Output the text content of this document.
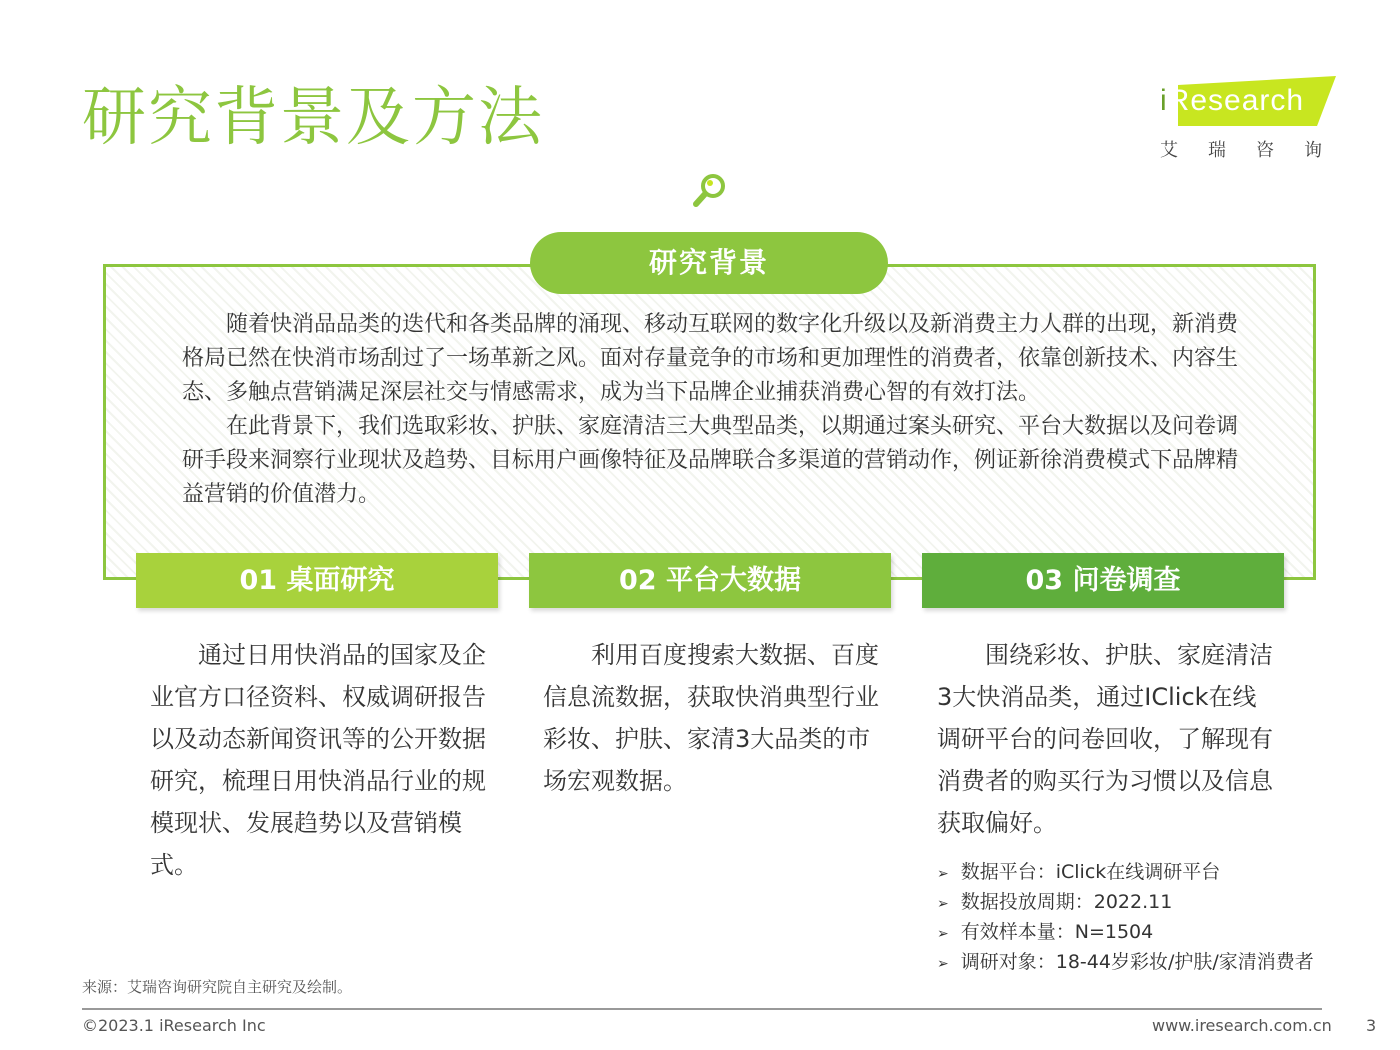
研究背景及方法	iResearch
艾瑞咨询
研究背景

随着快消品品类的迭代和各类品牌的涌现、移动互联网的数字化升级以及新消费主力人群的出现，新消费格局已然在快消市场刮过了一场革新之风。面对存量竞争的市场和更加理性的消费者，依靠创新技术、内容生态、多触点营销满足深层社交与情感需求，成为当下品牌企业捕获消费心智的有效打法。

在此背景下，我们选取彩妆、护肤、家庭清洁三大典型品类，以期通过案头研究、平台大数据以及问卷调研手段来洞察行业现状及趋势、目标用户画像特征及品牌联合多渠道的营销动作，例证新徐消费模式下品牌精益营销的价值潜力。

01 桌面研究	02 平台大数据	03 问卷调查
通过日用快消品的国家及企业官方口径资料、权威调研报告以及动态新闻资讯等的公开数据研究，梳理日用快消品行业的规模现状、发展趋势以及营销模式。
利用百度搜索大数据、百度信息流数据，获取快消典型行业彩妆、护肤、家清3大品类的市场宏观数据。
围绕彩妆、护肤、家庭清洁3大快消品类，通过IClick在线调研平台的问卷回收，了解现有消费者的购买行为习惯以及信息获取偏好。
➢ 数据平台：iClick在线调研平台
➢ 数据投放周期：2022.11
➢ 有效样本量：N=1504
➢ 调研对象：18-44岁彩妆/护肤/家清消费者
来源：艾瑞咨询研究院自主研究及绘制。
©2023.1 iResearch Inc	www.iresearch.com.cn 3
